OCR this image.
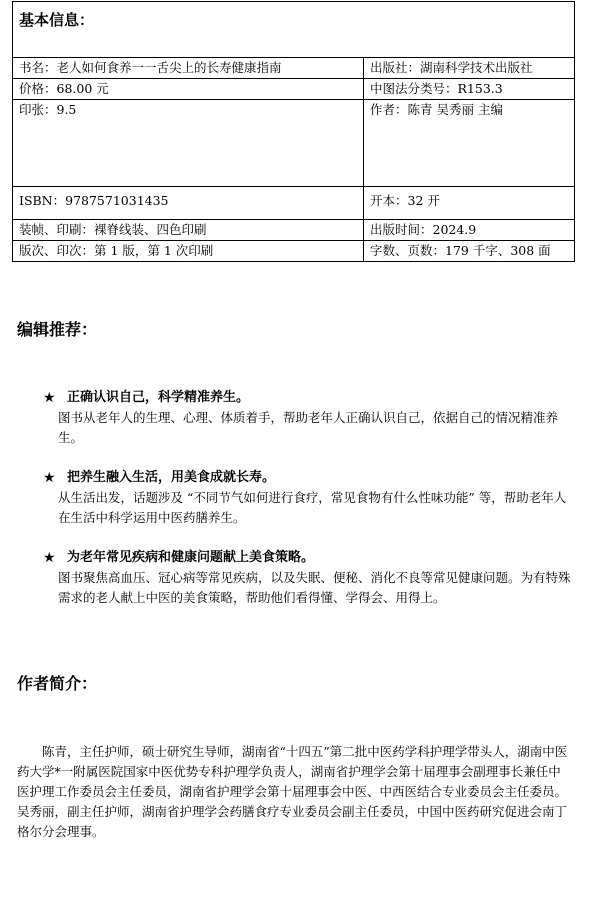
基本信息：	
书名：老人如何食养一一舌尖上的长寿健康指南	出版社：湖南科学技术出版社
价格：68.00 元	中图法分类号：R153.3
印张：9.5	作者：陈青 吴秀丽 主编
ISBN：9787571031435	开本：32 开
装帧、印刷：裸脊线装、四色印刷	出版时间：2024.9
版次、印次：第 1 版，第 1 次印刷	字数、页数：179 千字、308 面
编辑推荐：
★ 正确认识自己，科学精准养生。
图书从老年人的生理、心理、体质着手，帮助老年人正确认识自己，依据自己的情况精准养生。
★ 把养生融入生活，用美食成就长寿。
从生活出发，话题涉及 “不同节气如何进行食疗，常见食物有什么性味功能” 等，帮助老年人在生活中科学运用中医药膳养生。
★ 为老年常见疾病和健康问题献上美食策略。
图书聚焦高血压、冠心病等常见疾病，以及失眠、便秘、消化不良等常见健康问题。为有特殊需求的老人献上中医的美食策略，帮助他们看得懂、学得会、用得上。
作者简介：

陈青，主任护师，硕士研究生导师，湖南省“十四五”第二批中医药学科护理学带头人，湖南中医药大学*一附属医院国家中医优势专科护理学负责人，湖南省护理学会第十届理事会副理事长兼任中医护理工作委员会主任委员，湖南省护理学会第十届理事会中医、中西医结合专业委员会主任委员。

吴秀丽，副主任护师，湖南省护理学会药膳食疗专业委员会副主任委员，中国中医药研究促进会南丁格尔分会理事。
